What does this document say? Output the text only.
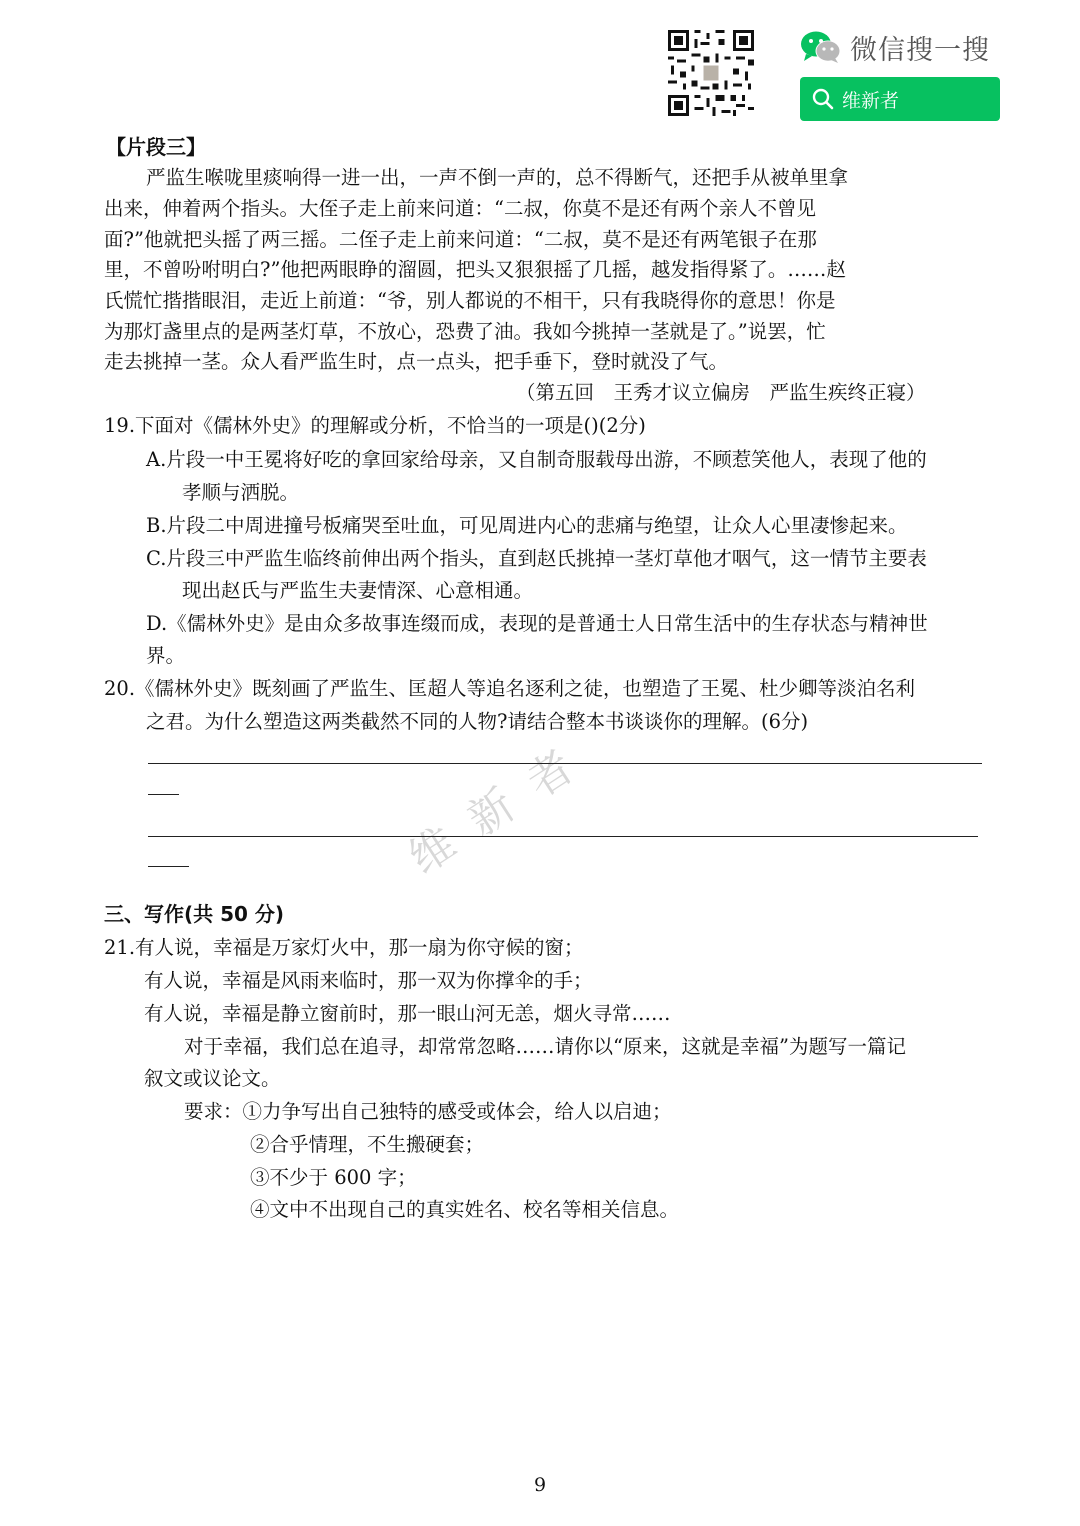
微信搜一搜
维新者
维新者
【片段三】
严监生喉咙里痰响得一进一出，一声不倒一声的，总不得断气，还把手从被单里拿
出来，伸着两个指头。大侄子走上前来问道：“二叔，你莫不是还有两个亲人不曾见
面?”他就把头摇了两三摇。二侄子走上前来问道：“二叔，莫不是还有两笔银子在那
里，不曾吩咐明白?”他把两眼睁的溜圆，把头又狠狠摇了几摇，越发指得紧了。……赵
氏慌忙揩揩眼泪，走近上前道：“爷，别人都说的不相干，只有我晓得你的意思！你是
为那灯盏里点的是两茎灯草，不放心，恐费了油。我如今挑掉一茎就是了。”说罢，忙
走去挑掉一茎。众人看严监生时，点一点头，把手垂下，登时就没了气。
（第五回　王秀才议立偏房　严监生疾终正寝）
19.下面对《儒林外史》的理解或分析，不恰当的一项是()(2分)
A.片段一中王冕将好吃的拿回家给母亲，又自制奇服载母出游，不顾惹笑他人，表现了他的
孝顺与洒脱。
B.片段二中周进撞号板痛哭至吐血，可见周进内心的悲痛与绝望，让众人心里凄惨起来。
C.片段三中严监生临终前伸出两个指头，直到赵氏挑掉一茎灯草他才咽气，这一情节主要表
现出赵氏与严监生夫妻情深、心意相通。
D.《儒林外史》是由众多故事连缀而成，表现的是普通士人日常生活中的生存状态与精神世
界。
20.《儒林外史》既刻画了严监生、匡超人等追名逐利之徒，也塑造了王冕、杜少卿等淡泊名利
之君。为什么塑造这两类截然不同的人物?请结合整本书谈谈你的理解。(6分)
三、写作(共 50 分)
21.有人说，幸福是万家灯火中，那一扇为你守候的窗；
有人说，幸福是风雨来临时，那一双为你撑伞的手；
有人说，幸福是静立窗前时，那一眼山河无恙，烟火寻常……
对于幸福，我们总在追寻，却常常忽略……请你以“原来，这就是幸福”为题写一篇记
叙文或议论文。
要求：①力争写出自己独特的感受或体会，给人以启迪；
②合乎情理，不生搬硬套；
③不少于 600 字；
④文中不出现自己的真实姓名、校名等相关信息。
9
